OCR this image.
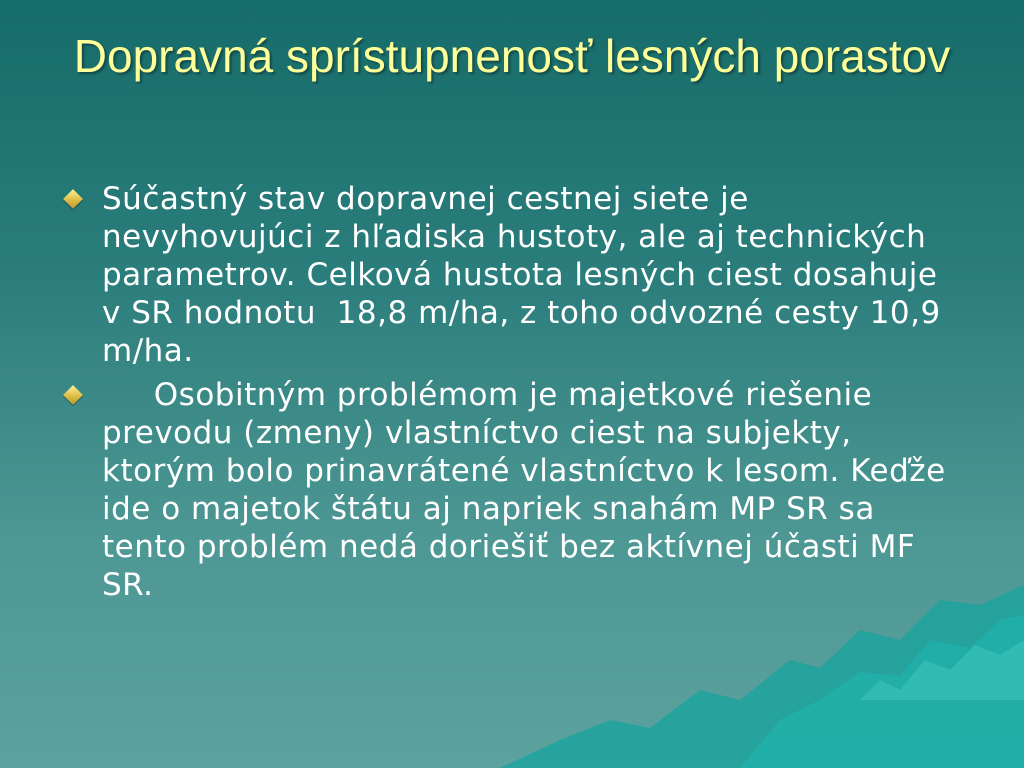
Dopravná sprístupnenosť lesných porastov
Súčastný stav dopravnej cestnej siete je nevyhovujúci z hľadiska hustoty, ale aj technických parametrov. Celková hustota lesných ciest dosahuje v SR hodnotu  18,8 m/ha, z toho odvozné cesty 10,9 m/ha.
Osobitným problémom je majetkové riešenie prevodu (zmeny) vlastníctvo ciest na subjekty, ktorým bolo prinavrátené vlastníctvo k lesom. Keďže ide o majetok štátu aj napriek snahám MP SR sa tento problém nedá doriešiť bez aktívnej účasti MF SR.
